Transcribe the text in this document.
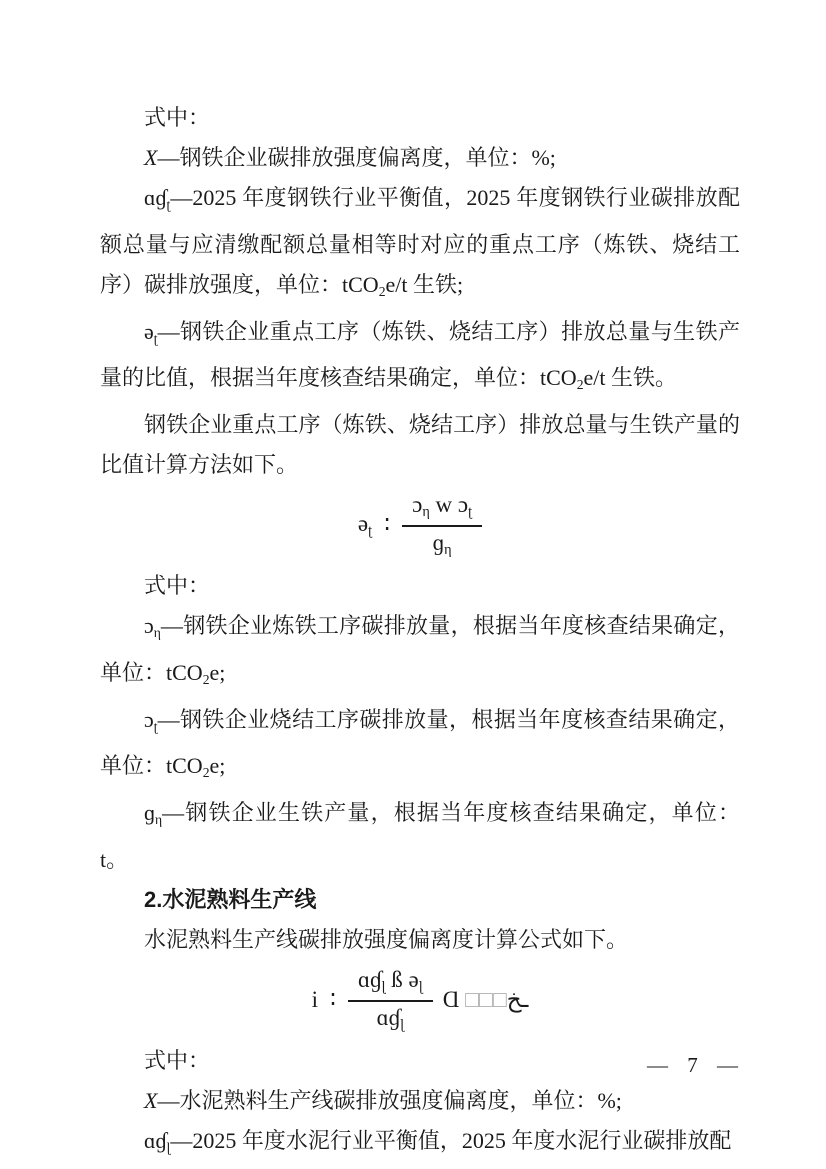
式中：
X—钢铁企业碳排放强度偏离度，单位：%;
ɑɠʈ—2025 年度钢铁行业平衡值，2025 年度钢铁行业碳排放配额总量与应清缴配额总量相等时对应的重点工序（炼铁、烧结工序）碳排放强度，单位：tCO2e/t 生铁;
əʈ—钢铁企业重点工序（炼铁、烧结工序）排放总量与生铁产量的比值，根据当年度核查结果确定，单位：tCO2e/t 生铁。
钢铁企业重点工序（炼铁、烧结工序）排放总量与生铁产量的比值计算方法如下。
əʈ ∶ $\frac{\text{ɔη w ɔʈ}}{\text{ɡη}}$
式中：
ɔη—钢铁企业炼铁工序碳排放量，根据当年度核查结果确定，单位：tCO2e;
ɔʈ—钢铁企业烧结工序碳排放量，根据当年度核查结果确定，单位：tCO2e;
ɡη—钢铁企业生铁产量，根据当年度核查结果确定，单位：t。
2.水泥熟料生产线
水泥熟料生产线碳排放强度偏离度计算公式如下。
i ∶ $\frac{\text{ɑɠɭ ß əɭ}}{\text{ɑɠɭ}}$ Ɑ □□□ـخ
式中：
X—水泥熟料生产线碳排放强度偏离度，单位：%;
ɑɠɭ—2025 年度水泥行业平衡值，2025 年度水泥行业碳排放配
— 7 —
